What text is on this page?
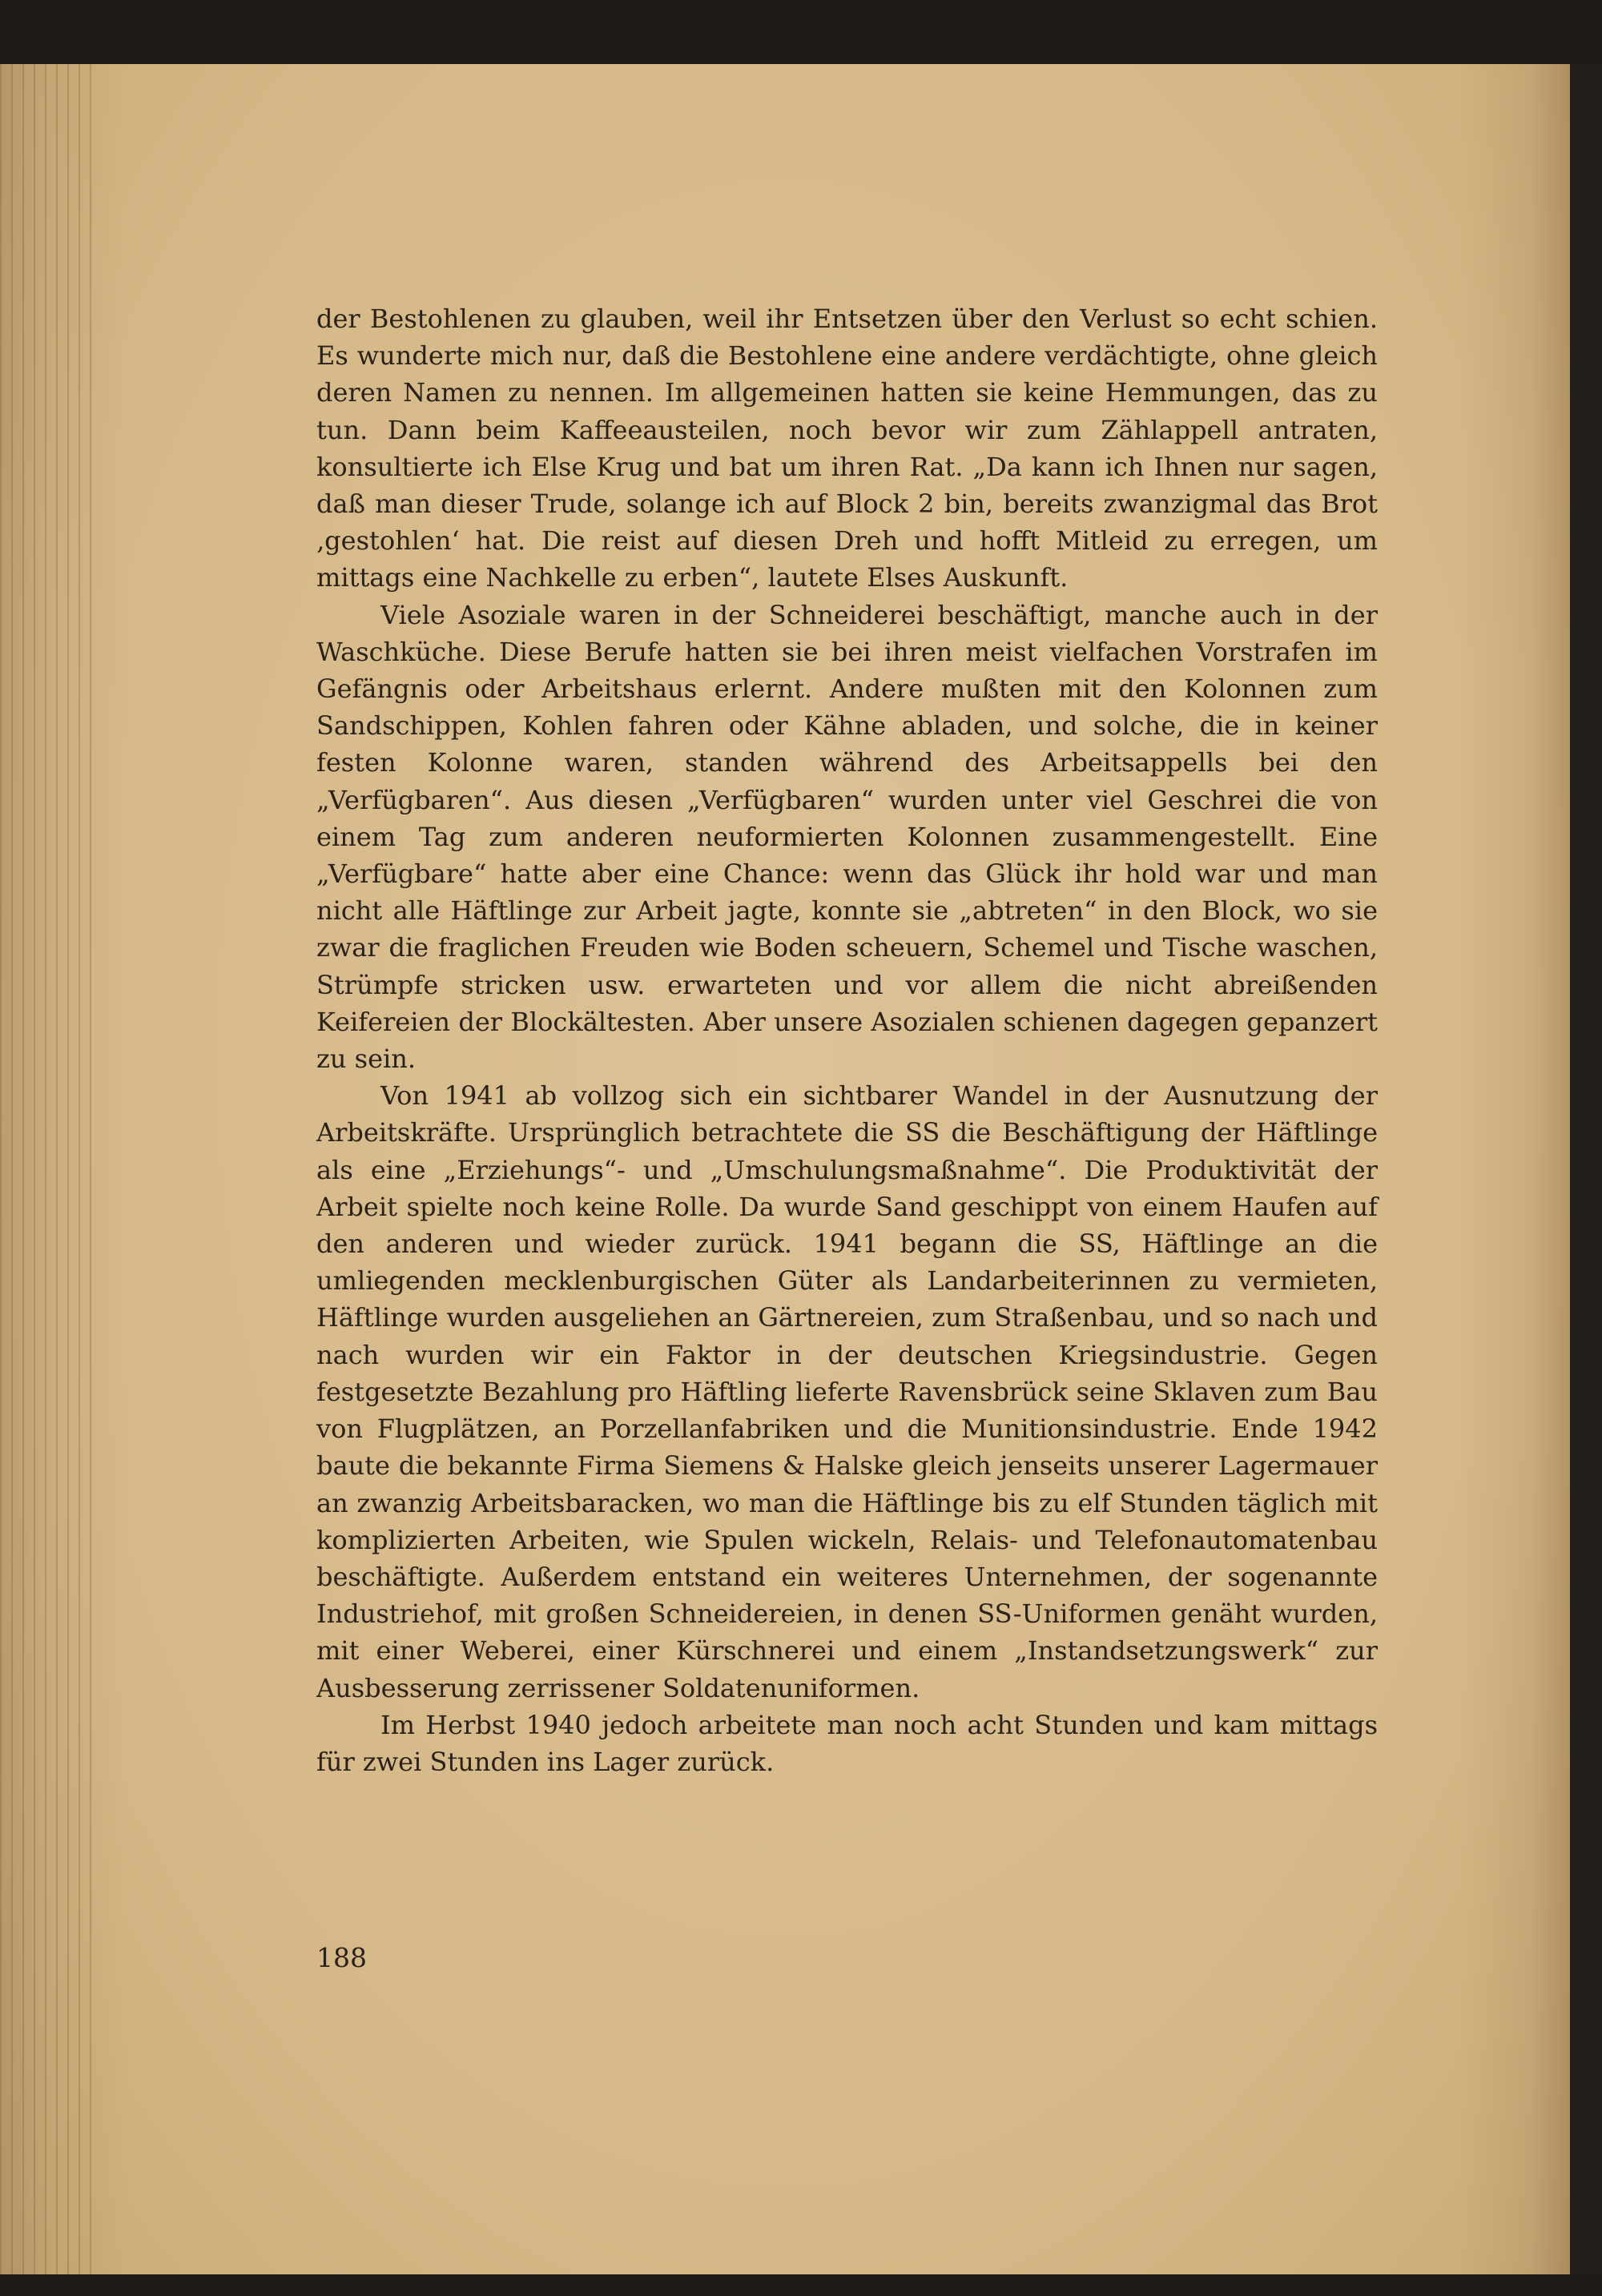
der Bestohlenen zu glauben, weil ihr Entsetzen über den Verlust so echt schien. Es wunderte mich nur, daß die Bestohlene eine andere verdächtigte, ohne gleich deren Namen zu nennen. Im allgemeinen hatten sie keine Hemmungen, das zu tun. Dann beim Kaffeeausteilen, noch bevor wir zum Zählappell antraten, konsultierte ich Else Krug und bat um ihren Rat. „Da kann ich Ihnen nur sagen, daß man dieser Trude, solange ich auf Block 2 bin, bereits zwanzigmal das Brot ‚gestohlen‘ hat. Die reist auf diesen Dreh und hofft Mitleid zu erregen, um mittags eine Nachkelle zu erben“, lautete Elses Auskunft.

Viele Asoziale waren in der Schneiderei beschäftigt, manche auch in der Waschküche. Diese Berufe hatten sie bei ihren meist vielfachen Vorstrafen im Gefängnis oder Arbeitshaus erlernt. Andere mußten mit den Kolonnen zum Sandschippen, Kohlen fahren oder Kähne abladen, und solche, die in keiner festen Kolonne waren, standen während des Arbeitsappells bei den „Verfügbaren“. Aus diesen „Verfügbaren“ wurden unter viel Geschrei die von einem Tag zum anderen neuformierten Kolonnen zusammengestellt. Eine „Verfügbare“ hatte aber eine Chance: wenn das Glück ihr hold war und man nicht alle Häftlinge zur Arbeit jagte, konnte sie „abtreten“ in den Block, wo sie zwar die fraglichen Freuden wie Boden scheuern, Schemel und Tische waschen, Strümpfe stricken usw. erwarteten und vor allem die nicht abreißenden Keifereien der Blockältesten. Aber unsere Asozialen schienen dagegen gepanzert zu sein.

Von 1941 ab vollzog sich ein sichtbarer Wandel in der Ausnutzung der Arbeitskräfte. Ursprünglich betrachtete die SS die Beschäftigung der Häftlinge als eine „Erziehungs“- und „Umschulungsmaßnahme“. Die Produktivität der Arbeit spielte noch keine Rolle. Da wurde Sand geschippt von einem Haufen auf den anderen und wieder zurück. 1941 begann die SS, Häftlinge an die umliegenden mecklenburgischen Güter als Landarbeiterinnen zu vermieten, Häftlinge wurden ausgeliehen an Gärtnereien, zum Straßenbau, und so nach und nach wurden wir ein Faktor in der deutschen Kriegsindustrie. Gegen festgesetzte Bezahlung pro Häftling lieferte Ravensbrück seine Sklaven zum Bau von Flugplätzen, an Porzellanfabriken und die Munitionsindustrie. Ende 1942 baute die bekannte Firma Siemens & Halske gleich jenseits unserer Lagermauer an zwanzig Arbeitsbaracken, wo man die Häftlinge bis zu elf Stunden täglich mit komplizierten Arbeiten, wie Spulen wickeln, Relais- und Telefonautomatenbau beschäftigte. Außerdem entstand ein weiteres Unternehmen, der sogenannte Industriehof, mit großen Schneidereien, in denen SS-Uniformen genäht wurden, mit einer Weberei, einer Kürschnerei und einem „Instandsetzungswerk“ zur Ausbesserung zerrissener Soldatenuniformen.

Im Herbst 1940 jedoch arbeitete man noch acht Stunden und kam mittags für zwei Stunden ins Lager zurück.

188
